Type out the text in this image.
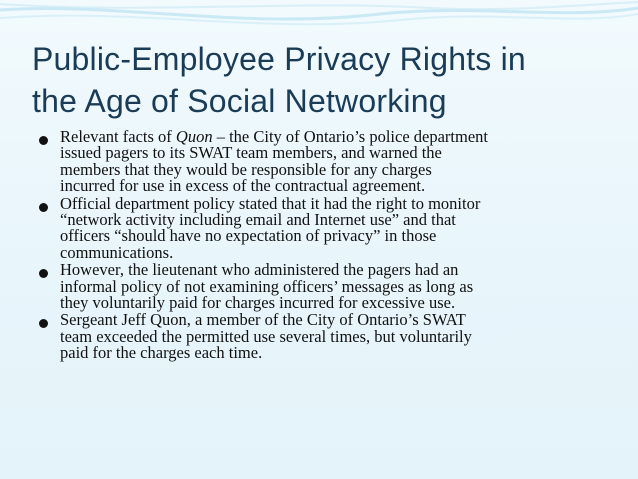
Public-Employee Privacy Rights in
the Age of Social Networking
Relevant facts of Quon – the City of Ontario’s police department
issued pagers to its SWAT team members, and warned the
members that they would be responsible for any charges
incurred for use in excess of the contractual agreement.
Official department policy stated that it had the right to monitor
“network activity including email and Internet use” and that
officers “should have no expectation of privacy” in those
communications.
However, the lieutenant who administered the pagers had an
informal policy of not examining officers’ messages as long as
they voluntarily paid for charges incurred for excessive use.
Sergeant Jeff Quon, a member of the City of Ontario’s SWAT
team exceeded the permitted use several times, but voluntarily
paid for the charges each time.
